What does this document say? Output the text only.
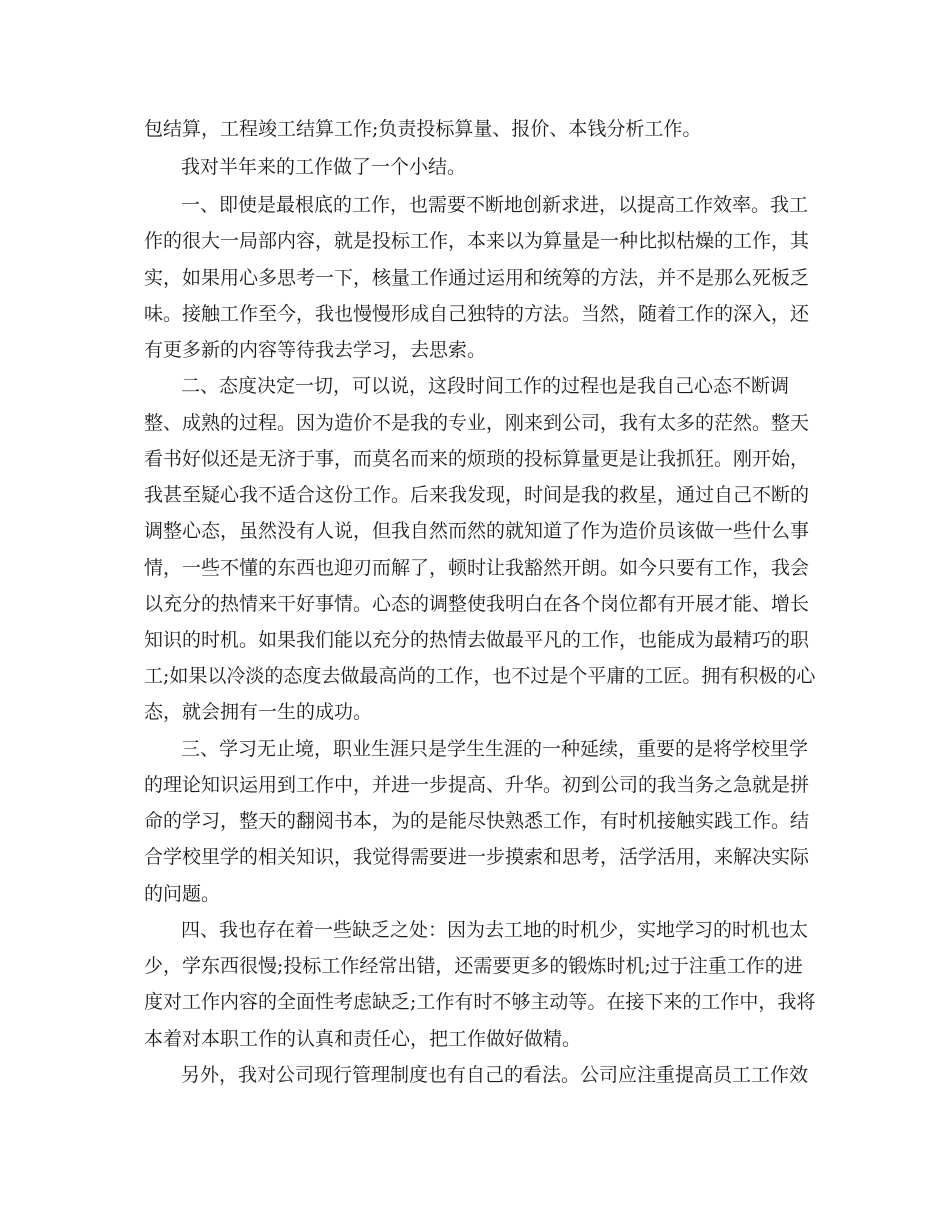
包结算，工程竣工结算工作;负责投标算量、报价、本钱分析工作。
我对半年来的工作做了一个小结。
一、即使是最根底的工作，也需要不断地创新求进，以提高工作效率。我工
作的很大一局部内容，就是投标工作，本来以为算量是一种比拟枯燥的工作，其
实，如果用心多思考一下，核量工作通过运用和统筹的方法，并不是那么死板乏
味。接触工作至今，我也慢慢形成自己独特的方法。当然，随着工作的深入，还
有更多新的内容等待我去学习，去思索。
二、态度决定一切，可以说，这段时间工作的过程也是我自己心态不断调
整、成熟的过程。因为造价不是我的专业，刚来到公司，我有太多的茫然。整天
看书好似还是无济于事，而莫名而来的烦琐的投标算量更是让我抓狂。刚开始，
我甚至疑心我不适合这份工作。后来我发现，时间是我的救星，通过自己不断的
调整心态，虽然没有人说，但我自然而然的就知道了作为造价员该做一些什么事
情，一些不懂的东西也迎刃而解了，顿时让我豁然开朗。如今只要有工作，我会
以充分的热情来干好事情。心态的调整使我明白在各个岗位都有开展才能、增长
知识的时机。如果我们能以充分的热情去做最平凡的工作，也能成为最精巧的职
工;如果以冷淡的态度去做最高尚的工作，也不过是个平庸的工匠。拥有积极的心
态，就会拥有一生的成功。
三、学习无止境，职业生涯只是学生生涯的一种延续，重要的是将学校里学
的理论知识运用到工作中，并进一步提高、升华。初到公司的我当务之急就是拼
命的学习，整天的翻阅书本，为的是能尽快熟悉工作，有时机接触实践工作。结
合学校里学的相关知识，我觉得需要进一步摸索和思考，活学活用，来解决实际
的问题。
四、我也存在着一些缺乏之处：因为去工地的时机少，实地学习的时机也太
少，学东西很慢;投标工作经常出错，还需要更多的锻炼时机;过于注重工作的进
度对工作内容的全面性考虑缺乏;工作有时不够主动等。在接下来的工作中，我将
本着对本职工作的认真和责任心，把工作做好做精。
另外，我对公司现行管理制度也有自己的看法。公司应注重提高员工工作效
